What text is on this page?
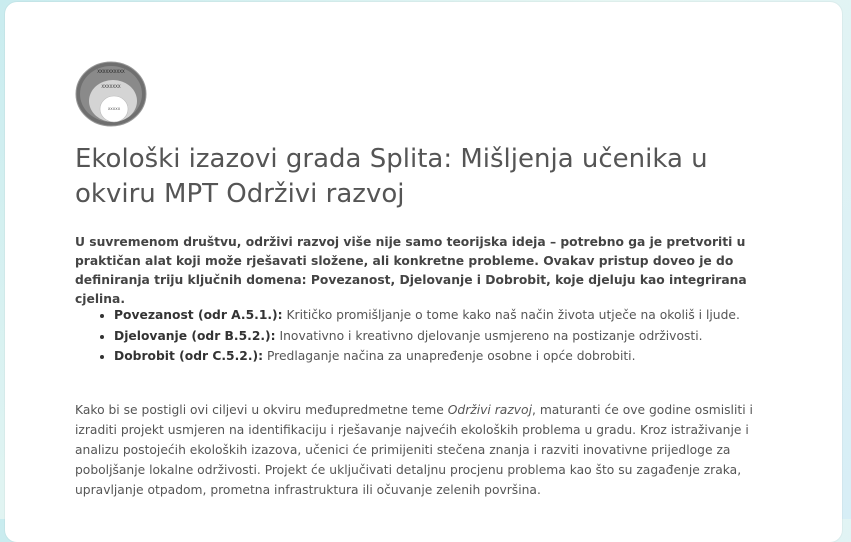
XXXXXXXXXX
XXXXXXX
XXXXX
Ekološki izazovi grada Splita: Mišljenja učenika u okviru MPT Održivi razvoj

U suvremenom društvu, održivi razvoj više nije samo teorijska ideja – potrebno ga je pretvoriti u praktičan alat koji može rješavati složene, ali konkretne probleme. Ovakav pristup doveo je do definiranja triju ključnih domena: Povezanost, Djelovanje i Dobrobit, koje djeluju kao integrirana cjelina.

• Povezanost (odr A.5.1.): Kritičko promišljanje o tome kako naš način života utječe na okoliš i ljude.
• Djelovanje (odr B.5.2.): Inovativno i kreativno djelovanje usmjereno na postizanje održivosti.
• Dobrobit (odr C.5.2.): Predlaganje načina za unapređenje osobne i opće dobrobiti.

Kako bi se postigli ovi ciljevi u okviru međupredmetne teme Održivi razvoj, maturanti će ove godine osmisliti i izraditi projekt usmjeren na identifikaciju i rješavanje najvećih ekoloških problema u gradu. Kroz istraživanje i analizu postojećih ekoloških izazova, učenici će primijeniti stečena znanja i razviti inovativne prijedloge za poboljšanje lokalne održivosti. Projekt će uključivati detaljnu procjenu problema kao što su zagađenje zraka, upravljanje otpadom, prometna infrastruktura ili očuvanje zelenih površina.
